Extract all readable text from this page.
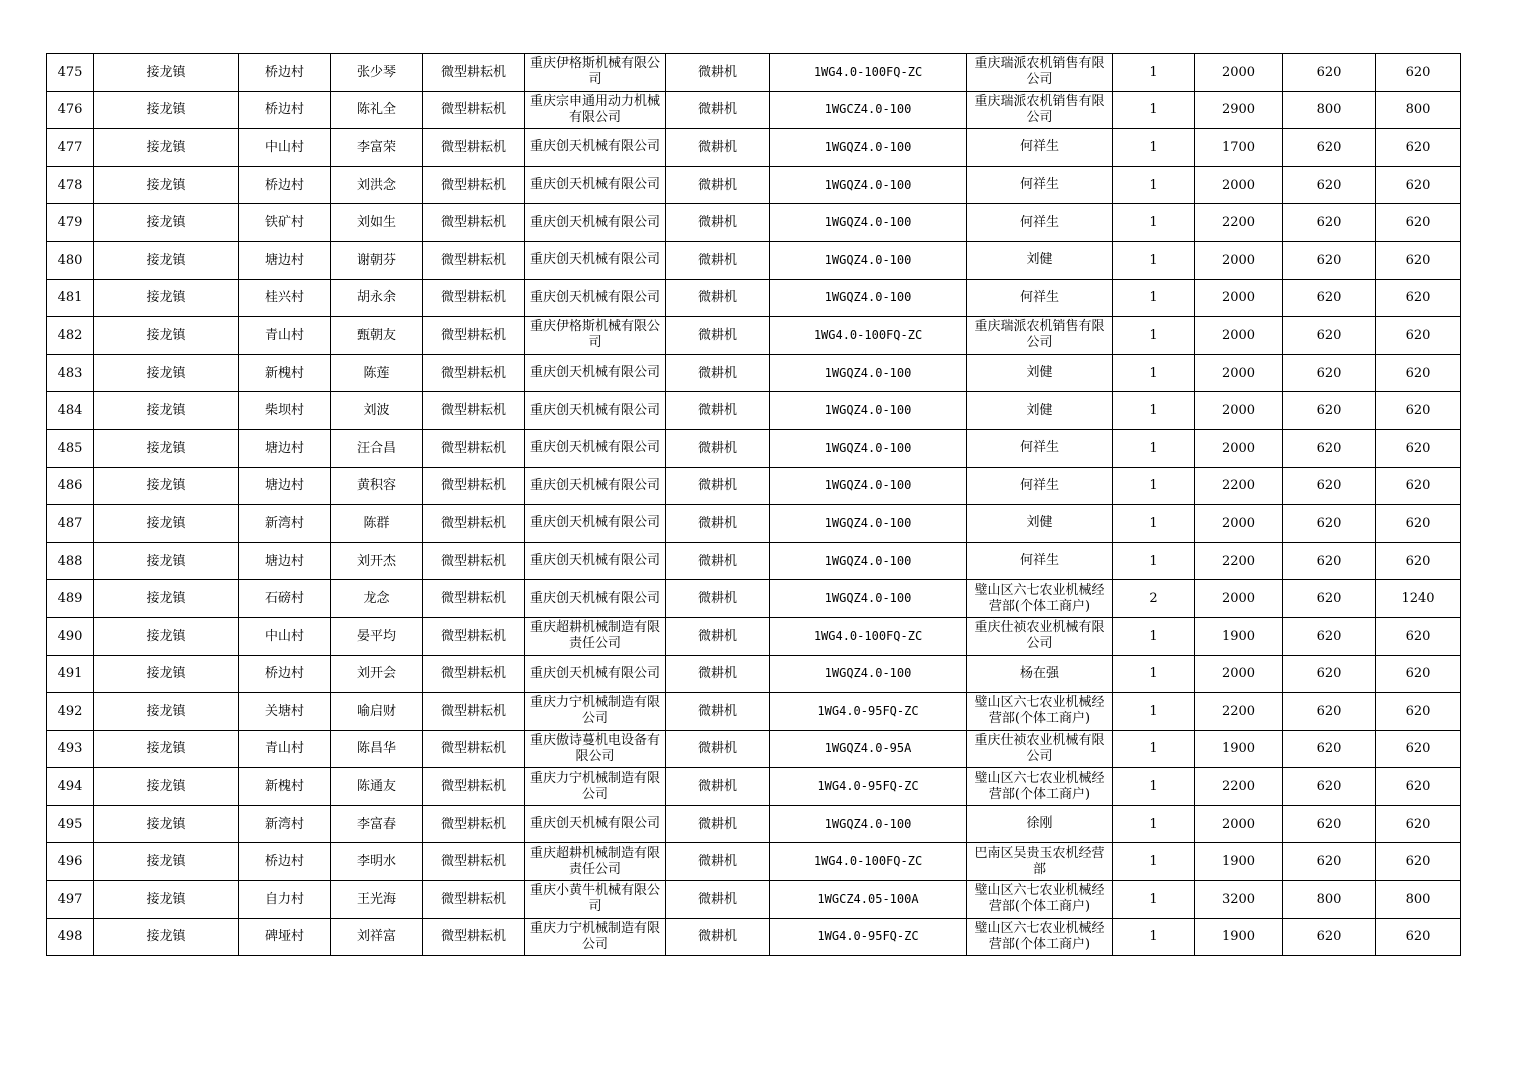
475	接龙镇	桥边村	张少琴	微型耕耘机	重庆伊格斯机械有限公司	微耕机	1WG4.0-100FQ-ZC	重庆瑞派农机销售有限公司	1	2000	620	620
476	接龙镇	桥边村	陈礼全	微型耕耘机	重庆宗申通用动力机械有限公司	微耕机	1WGCZ4.0-100	重庆瑞派农机销售有限公司	1	2900	800	800
477	接龙镇	中山村	李富荣	微型耕耘机	重庆创天机械有限公司	微耕机	1WGQZ4.0-100	何祥生	1	1700	620	620
478	接龙镇	桥边村	刘洪念	微型耕耘机	重庆创天机械有限公司	微耕机	1WGQZ4.0-100	何祥生	1	2000	620	620
479	接龙镇	铁矿村	刘如生	微型耕耘机	重庆创天机械有限公司	微耕机	1WGQZ4.0-100	何祥生	1	2200	620	620
480	接龙镇	塘边村	谢朝芬	微型耕耘机	重庆创天机械有限公司	微耕机	1WGQZ4.0-100	刘健	1	2000	620	620
481	接龙镇	桂兴村	胡永余	微型耕耘机	重庆创天机械有限公司	微耕机	1WGQZ4.0-100	何祥生	1	2000	620	620
482	接龙镇	青山村	甄朝友	微型耕耘机	重庆伊格斯机械有限公司	微耕机	1WG4.0-100FQ-ZC	重庆瑞派农机销售有限公司	1	2000	620	620
483	接龙镇	新槐村	陈莲	微型耕耘机	重庆创天机械有限公司	微耕机	1WGQZ4.0-100	刘健	1	2000	620	620
484	接龙镇	柴坝村	刘波	微型耕耘机	重庆创天机械有限公司	微耕机	1WGQZ4.0-100	刘健	1	2000	620	620
485	接龙镇	塘边村	汪合昌	微型耕耘机	重庆创天机械有限公司	微耕机	1WGQZ4.0-100	何祥生	1	2000	620	620
486	接龙镇	塘边村	黄积容	微型耕耘机	重庆创天机械有限公司	微耕机	1WGQZ4.0-100	何祥生	1	2200	620	620
487	接龙镇	新湾村	陈群	微型耕耘机	重庆创天机械有限公司	微耕机	1WGQZ4.0-100	刘健	1	2000	620	620
488	接龙镇	塘边村	刘开杰	微型耕耘机	重庆创天机械有限公司	微耕机	1WGQZ4.0-100	何祥生	1	2200	620	620
489	接龙镇	石磅村	龙念	微型耕耘机	重庆创天机械有限公司	微耕机	1WGQZ4.0-100	璧山区六七农业机械经营部(个体工商户)	2	2000	620	1240
490	接龙镇	中山村	晏平均	微型耕耘机	重庆超耕机械制造有限责任公司	微耕机	1WG4.0-100FQ-ZC	重庆仕祯农业机械有限公司	1	1900	620	620
491	接龙镇	桥边村	刘开会	微型耕耘机	重庆创天机械有限公司	微耕机	1WGQZ4.0-100	杨在强	1	2000	620	620
492	接龙镇	关塘村	喻启财	微型耕耘机	重庆力宁机械制造有限公司	微耕机	1WG4.0-95FQ-ZC	璧山区六七农业机械经营部(个体工商户)	1	2200	620	620
493	接龙镇	青山村	陈昌华	微型耕耘机	重庆傲诗蔓机电设备有限公司	微耕机	1WGQZ4.0-95A	重庆仕祯农业机械有限公司	1	1900	620	620
494	接龙镇	新槐村	陈通友	微型耕耘机	重庆力宁机械制造有限公司	微耕机	1WG4.0-95FQ-ZC	璧山区六七农业机械经营部(个体工商户)	1	2200	620	620
495	接龙镇	新湾村	李富春	微型耕耘机	重庆创天机械有限公司	微耕机	1WGQZ4.0-100	徐刚	1	2000	620	620
496	接龙镇	桥边村	李明水	微型耕耘机	重庆超耕机械制造有限责任公司	微耕机	1WG4.0-100FQ-ZC	巴南区吴贵玉农机经营部	1	1900	620	620
497	接龙镇	自力村	王光海	微型耕耘机	重庆小黄牛机械有限公司	微耕机	1WGCZ4.05-100A	璧山区六七农业机械经营部(个体工商户)	1	3200	800	800
498	接龙镇	碑垭村	刘祥富	微型耕耘机	重庆力宁机械制造有限公司	微耕机	1WG4.0-95FQ-ZC	璧山区六七农业机械经营部(个体工商户)	1	1900	620	620
